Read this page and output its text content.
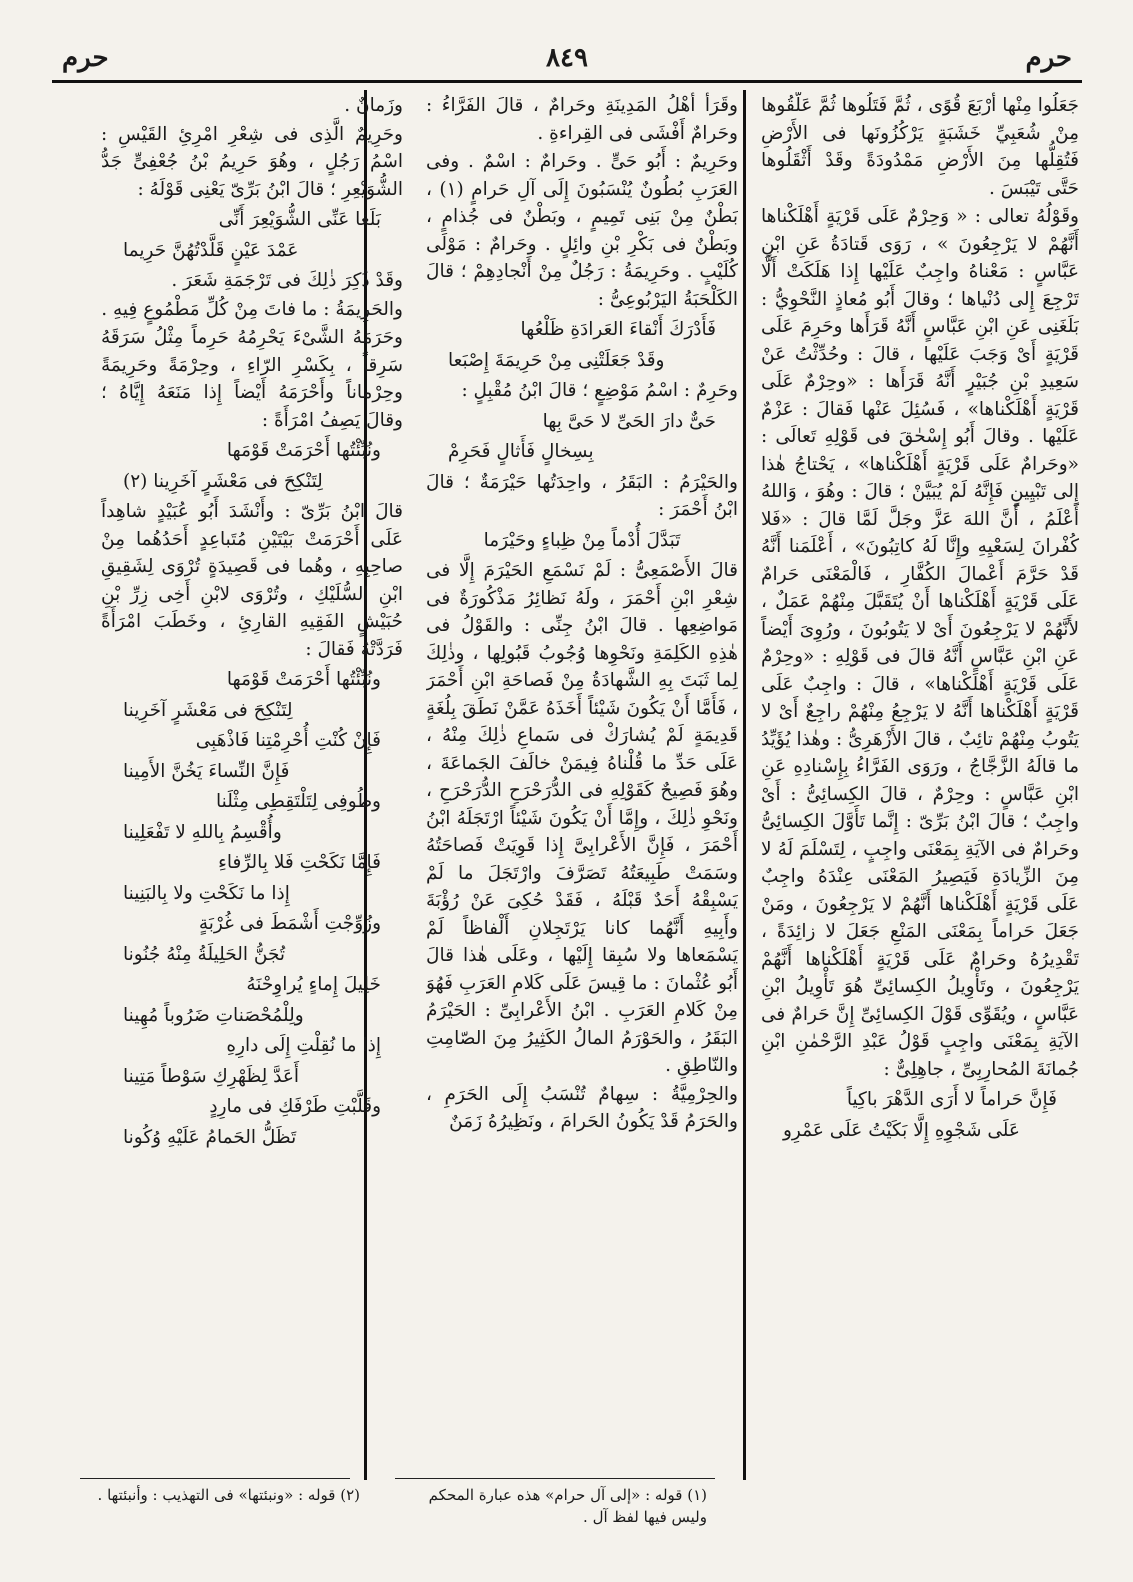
حرم
٨٤٩
حرم

جَعَلُوا مِنْها أَرْبَعَ قُوًى ، ثُمَّ فَتَلُوها ثُمَّ عَلَّقُوها مِنْ شُعَبِيِّ خَشَبَةٍ يَرْكُزُونَها فى الأَرْضِ فَتُقِلُّها مِنَ الأَرْضِ مَمْدُودَةً وقَدْ أَثْقَلُوها حَتَّى تَيْبَسَ .

وقَوْلُهُ تعالى : « وَحِرْمٌ عَلَى قَرْيَةٍ أَهْلَكْناها أَنَّهُمْ لا يَرْجِعُونَ » ، رَوَى قَتادَةُ عَنِ ابْنِ عَبَّاسٍ : مَعْناهُ واجِبٌ عَلَيْها إِذا هَلَكَتْ أَلَّا تَرْجِعَ إِلى دُنْياها ؛ وقالَ أَبُو مُعاذٍ النَّحْوِيُّ : بَلَغَنِى عَنِ ابْنِ عَبَّاسٍ أَنَّهُ قَرَأَها وحَرِمَ عَلَى قَرْيَةٍ أَىْ وَجَبَ عَلَيْها ، قالَ : وحُدِّثْتُ عَنْ سَعِيدِ بْنِ جُبَيْرٍ أَنَّهُ قَرَأَها : «وحِرْمٌ عَلَى قَرْيَةٍ أَهْلَكْناها» ، فَسُئِلَ عَنْها فَقالَ : عَزْمٌ عَلَيْها . وقالَ أَبُو إِسْحٰقَ فى قَوْلِهِ تَعالَى : «وحَرامٌ عَلَى قَرْيَةٍ أَهْلَكْناها» ، يَحْتاجُ هٰذا إِلى تَبْيِينٍ فَإِنَّهُ لَمْ يُبَيَّنْ ؛ قالَ : وهُوَ ، وَاللهُ أَعْلَمُ ، أَنَّ اللهَ عَزَّ وجَلَّ لَمَّا قالَ : «فَلا كُفْرانَ لِسَعْيِهِ وإِنَّا لَهُ كاتِبُونَ» ، أَعْلَمَنا أَنَّهُ قَدْ حَرَّمَ أَعْمالَ الكُفَّارِ ، فَالْمَعْنَى حَرامٌ عَلَى قَرْيَةٍ أَهْلَكْناها أَنْ يُتَقَبَّلَ مِنْهُمْ عَمَلٌ ، لأَنَّهُمْ لا يَرْجِعُونَ أَىْ لا يَتُوبُونَ ، ورُوِىَ أَيْضاً عَنِ ابْنِ عَبَّاسٍ أَنَّهُ قالَ فى قَوْلِهِ : «وحِرْمٌ عَلَى قَرْيَةٍ أَهْلَكْناها» ، قالَ : واجِبٌ عَلَى قَرْيَةٍ أَهْلَكْناها أَنَّهُ لا يَرْجِعُ مِنْهُمْ راجِعٌ أَىْ لا يَتُوبُ مِنْهُمْ تائِبٌ ، قالَ الأَزْهَرِىُّ : وهٰذا يُؤَيِّدُ ما قالَهُ الزَّجَّاجُ ، ورَوَى الفَرَّاءُ بِإِسْنادِهِ عَنِ ابْنِ عَبَّاسٍ : وحِرْمٌ ، قالَ الكِسائِىُّ : أَىْ واجِبٌ ؛ قالَ ابْنُ بَرِّىّ : إِنَّما تَأَوَّلَ الكِسائِىُّ وحَرامٌ فى الآيَةِ بِمَعْنَى واجِبٍ ، لِتَسْلَمَ لَهُ لا مِنَ الزِّيادَةِ فَيَصِيرُ المَعْنَى عِنْدَهُ واجِبٌ عَلَى قَرْيَةٍ أَهْلَكْناها أَنَّهُمْ لا يَرْجِعُونَ ، ومَنْ جَعَلَ حَراماً بِمَعْنَى المَنْعِ جَعَلَ لا زائِدَةً ، تَقْدِيرُهُ وحَرامٌ عَلَى قَرْيَةٍ أَهْلَكْناها أَنَّهُمْ يَرْجِعُونَ ، وتَأْوِيلُ الكِسائِىِّ هُوَ تَأْوِيلُ ابْنِ عَبَّاسٍ ، ويُقَوِّى قَوْلَ الكِسائِىِّ إِنَّ حَرامٌ فى الآيَةِ بِمَعْنَى واجِبٍ قَوْلُ عَبْدِ الرَّحْمٰنِ ابْنِ جُمانَةَ المُحارِبِىِّ ، جاهِلِىٌّ :

فَإِنَّ حَراماً لا أَرَى الدَّهْرَ باكِياً
عَلَى شَجْوِهِ إِلَّا بَكَيْتُ عَلَى عَمْرِو

وقَرَأَ أَهْلُ المَدِينَةِ وحَرامٌ ، قالَ الفَرَّاءُ : وحَرامٌ أَفْشَى فى القِراءةِ .

وحَرِيمٌ : أَبُو حَىٍّ . وحَرامٌ : اسْمٌ . وفى العَرَبِ بُطُونٌ يُنْسَبُونَ إِلَى آلِ حَرامٍ (١) ، بَطْنٌ مِنْ بَنِى تَمِيمٍ ، وبَطْنٌ فى جُذامٍ ، وبَطْنٌ فى بَكْرِ بْنِ وائِلٍ . وحَرامٌ : مَوْلَى كُلَيْبٍ . وحَرِيمَةُ : رَجُلٌ مِنْ أَنْجادِهِمْ ؛ قالَ الكَلْحَبَةُ اليَرْبُوعِىُّ :

فَأَدْرَكَ أَنْقاءَ العَرادَةِ ظَلْعُها
وقَدْ جَعَلَتْنِى مِنْ حَرِيمَةَ إِصْبَعا

وحَرِمٌ : اسْمُ مَوْضِعٍ ؛ قالَ ابْنُ مُقْبِلٍ :

حَىٌّ دارَ الحَىِّ لا حَىَّ بِها
بِسِخالٍ فَأَثالٍ فَحَرِمْ

والحَيْرَمُ : البَقَرُ ، واحِدَتُها حَيْرَمَةٌ ؛ قالَ ابْنُ أَحْمَرَ :

تَبَدَّلَ أُدْماً مِنْ ظِباءٍ وحَيْرَما

قالَ الأَصْمَعِىُّ : لَمْ نَسْمَعِ الحَيْرَمَ إِلَّا فى شِعْرِ ابْنِ أَحْمَرَ ، ولَهُ نَظائِرُ مَذْكُورَةٌ فى مَواضِعِها . قالَ ابْنُ جِنِّى : والقَوْلُ فى هٰذِهِ الكَلِمَةِ ونَحْوِها وُجُوبُ قَبُولِها ، وذٰلِكَ لِما ثَبَتَ بِهِ الشَّهادَةُ مِنْ فَصاحَةِ ابْنِ أَحْمَرَ ، فَأَمَّا أَنْ يَكُونَ شَيْئاً أَخَذَهُ عَمَّنْ نَطَقَ بِلُغَةٍ قَدِيمَةٍ لَمْ يُشارَكْ فى سَماعِ ذٰلِكَ مِنْهُ ، عَلَى حَدِّ ما قُلْناهُ فِيمَنْ خالَفَ الجَماعَةَ ، وهُوَ فَصِيحٌ كَقَوْلِهِ فى الدُّرَحْرَحِ الدُّرَحْرَحِ ، ونَحْوِ ذٰلِكَ ، وإِمَّا أَنْ يَكُونَ شَيْئاً ارْتَجَلَهُ ابْنُ أَحْمَرَ ، فَإِنَّ الأَعْرابِىَّ إِذا قَوِيَتْ فَصاحَتُهُ وسَمَتْ طَبِيعَتُهُ تَصَرَّفَ وارْتَجَلَ ما لَمْ يَسْبِقْهُ أَحَدٌ قَبْلَهُ ، فَقَدْ حُكِىَ عَنْ رُؤْبَةَ وأَبِيهِ أَنَّهُما كانا يَرْتَجِلانِ أَلْفاظاً لَمْ يَسْمَعاها ولا سُبِقا إِلَيْها ، وعَلَى هٰذا قالَ أَبُو عُثْمانَ : ما قِيسَ عَلَى كَلامِ العَرَبِ فَهُوَ مِنْ كَلامِ العَرَبِ . ابْنُ الأَعْرابِىِّ : الحَيْرَمُ البَقَرُ ، والحَوْرَمُ المالُ الكَثِيرُ مِنَ الصّامِتِ والنّاطِقِ .

والحِرْمِيَّةُ : سِهامٌ تُنْسَبُ إِلَى الحَرَمِ ، والحَرَمُ قَدْ يَكُونُ الحَرامَ ، ونَظِيرُهُ زَمَنٌ

(١) قوله : «إلى آل حرام» هذه عبارة المحكم وليس فيها لفظ آل .

وزَمانٌ .

وحَرِيمٌ الَّذِى فى شِعْرِ امْرِئِ القَيْسِ : اسْمُ رَجُلٍ ، وهُوَ حَرِيمُ بْنُ جُعْفِىٍّ جَدُّ الشُّوَيْعِرِ ؛ قالَ ابْنُ بَرِّىّ يَعْنِى قَوْلَهُ :

بَلَغا عَنِّى الشُّوَيْعِرَ أَنِّى
عَمْدَ عَيْنٍ قَلَّدْتُهُنَّ حَرِيما

وقَدْ ذُكِرَ ذٰلِكَ فى تَرْجَمَةِ شَعَرَ .

والحَرِيمَةُ : ما فاتَ مِنْ كُلِّ مَطْمُوعٍ فِيهِ .

وحَرَمَهُ الشَّىْءَ يَحْرِمُهُ حَرِماً مِثْلُ سَرَقَهُ سَرِقاً ، بِكَسْرِ الرّاءِ ، وحِرْمَةً وحَرِيمَةً وحِرْماناً وأَحْرَمَهُ أَيْضاً إِذا مَنَعَهُ إِيَّاهُ ؛ وقالَ يَصِفُ امْرَأَةً :

ونُبِّئْتُها أَحْرَمَتْ قَوْمَها
لِتَنْكِحَ فى مَعْشَرٍ آخَرِينا (٢)

قالَ ابْنُ بَرِّىّ : وأَنْشَدَ أَبُو عُبَيْدٍ شاهِداً عَلَى أَحْرَمَتْ بَيْتَيْنِ مُتَباعِدٍ أَحَدُهُما مِنْ صاحِبِهِ ، وهُما فى قَصِيدَةٍ تُرْوَى لِشَقِيقِ ابْنِ السُّلَيْكِ ، وتُرْوَى لابْنِ أَخِى زِرِّ بْنِ حُبَيْشٍ الفَقِيهِ القارِئِ ، وخَطَبَ امْرَأَةً فَرَدَّتْهُ فَقالَ :

ونُبِّئْتُها أَحْرَمَتْ قَوْمَها
لِتَنْكِحَ فى مَعْشَرٍ آخَرِينا
فَإِنْ كُنْتِ أُحْرِمْتِنا فَاذْهَبِى
فَإِنَّ النِّساءَ يَخُنَّ الأَمِينا
وطُوفِى لِتَلْتَقِطِى مِثْلَنا
وأُقْسِمُ بِاللهِ لا تَفْعَلِينا
فَإِمَّا نَكَحْتِ فَلا بِالرِّفاءِ
إِذا ما نَكَحْتِ ولا بِالبَنِينا
وزُوِّجْتِ أَشْمَطَ فى غُرْبَةٍ
تُجَنُّ الحَلِيلَةُ مِنْهُ جُنُونا
خَلِيلَ إِماءٍ يُراوِحْنَهُ
ولِلْمُحْصَناتِ ضَرُوباً مُهِينا
إِذا ما نُقِلْتِ إِلَى دارِهِ
أَعَدَّ لِظَهْرِكِ سَوْطاً مَتِينا
وقَلَّبْتِ طَرْفَكِ فى مارِدٍ
تَظَلُّ الحَمامُ عَلَيْهِ وُكُونا
(٢) قوله : «ونبئتها» فى التهذيب : وأنبئتها .
